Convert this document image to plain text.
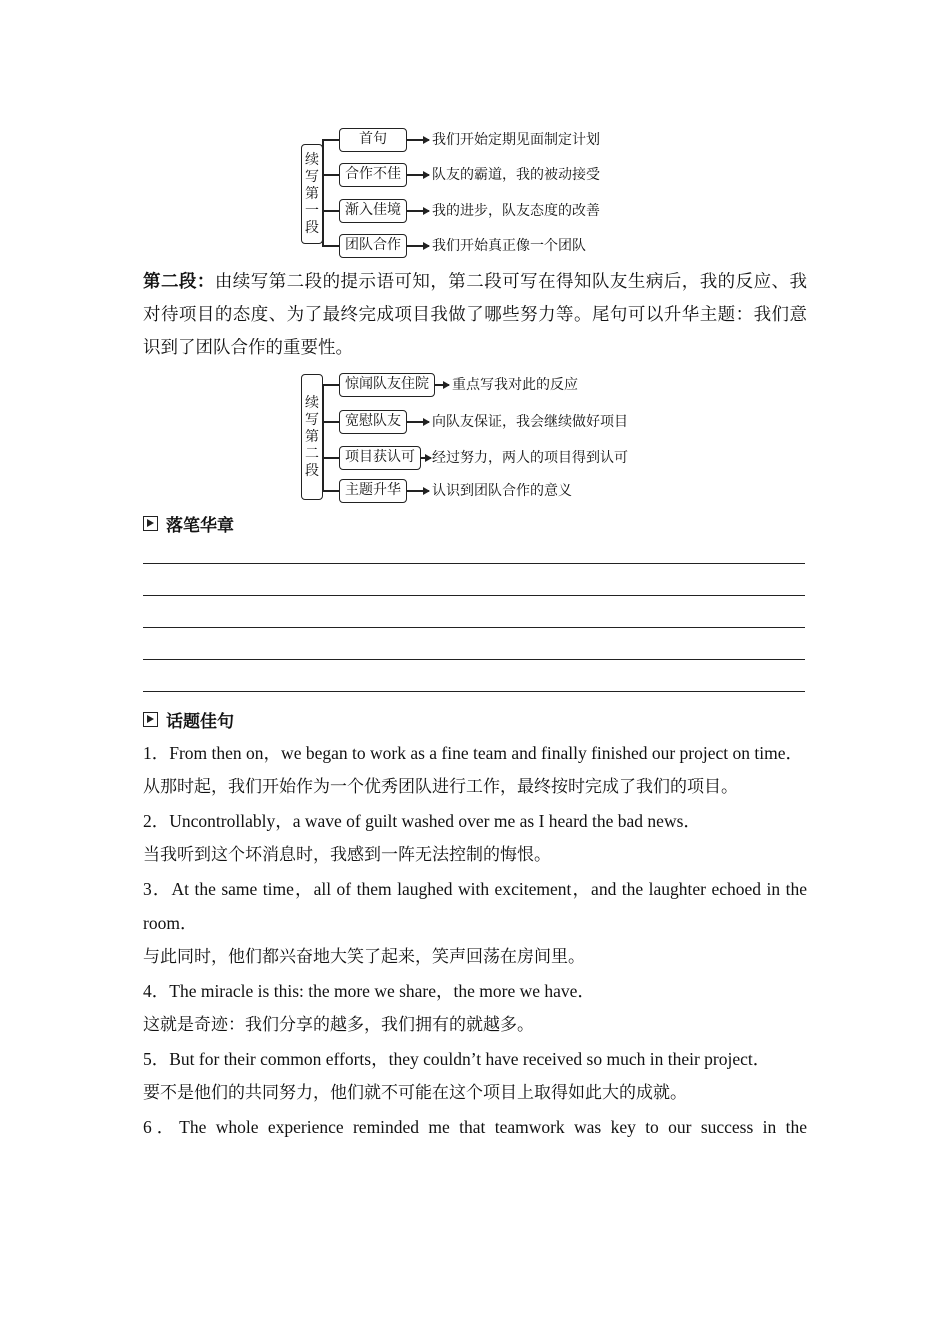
续
写
第
一
段
首句	我们开始定期见面制定计划
合作不佳	队友的霸道，我的被动接受
渐入佳境	我的进步，队友态度的改善
团队合作	我们开始真正像一个团队
第二段：由续写第二段的提示语可知，第二段可写在得知队友生病后，我的反应、我对待项目的态度、为了最终完成项目我做了哪些努力等。尾句可以升华主题：我们意识到了团队合作的重要性。
续
写
第
二
段
惊闻队友住院	重点写我对此的反应
宽慰队友	向队友保证，我会继续做好项目
项目获认可	经过努力，两人的项目得到认可
主题升华	认识到团队合作的意义
落笔华章
话题佳句
1．From then on，we began to work as a fine team and finally finished our project on time．
从那时起，我们开始作为一个优秀团队进行工作，最终按时完成了我们的项目。
2．Uncontrollably，a wave of guilt washed over me as I heard the bad news．
当我听到这个坏消息时，我感到一阵无法控制的悔恨。
3．At the same time，all of them laughed with excitement，and the laughter echoed in the room．
与此同时，他们都兴奋地大笑了起来，笑声回荡在房间里。
4．The miracle is this: the more we share，the more we have．
这就是奇迹：我们分享的越多，我们拥有的就越多。
5．But for their common efforts，they couldn’t have received so much in their project．
要不是他们的共同努力，他们就不可能在这个项目上取得如此大的成就。
6．The whole experience reminded me that teamwork was key to our success in the
